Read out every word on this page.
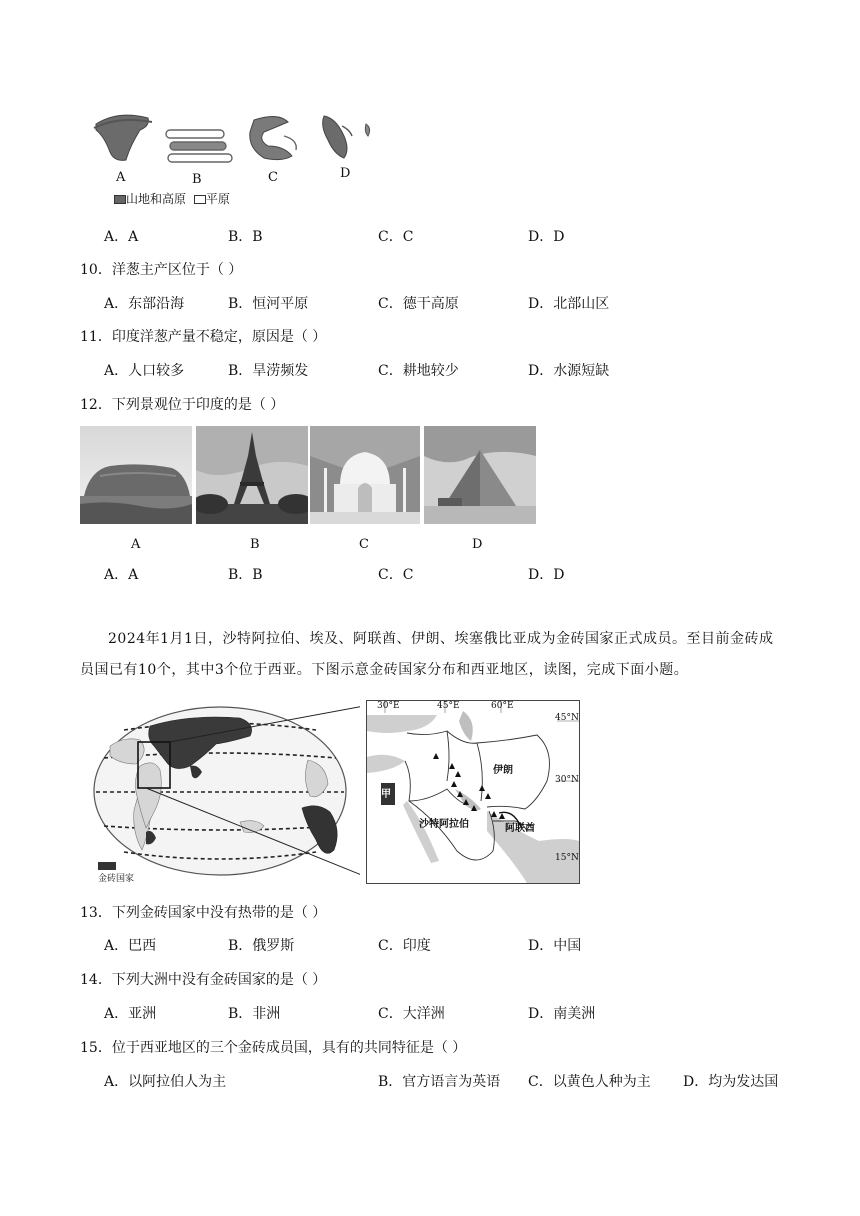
A	B	C	D
山地和高原 平原
A．A	B．B	C．C	D．D
10．洋葱主产区位于（ ）
A．东部沿海	B．恒河平原	C．德干高原	D．北部山区
11．印度洋葱产量不稳定，原因是（ ）
A．人口较多	B．旱涝频发	C．耕地较少	D．水源短缺
12．下列景观位于印度的是（ ）
A	B	C	D
A．A	B．B	C．C	D．D
2024年1月1日，沙特阿拉伯、埃及、阿联酋、伊朗、埃塞俄比亚成为金砖国家正式成员。至目前金砖成员国已有10个，其中3个位于西亚。下图示意金砖国家分布和西亚地区，读图，完成下面小题。
金砖国家
30°E	45°E	60°E
45°N
30°N
15°N
甲
伊朗
沙特阿拉伯	阿联酋
13．下列金砖国家中没有热带的是（ ）
A．巴西	B．俄罗斯	C．印度	D．中国
14．下列大洲中没有金砖国家的是（ ）
A．亚洲	B．非洲	C．大洋洲	D．南美洲
15．位于西亚地区的三个金砖成员国，具有的共同特征是（ ）
A．以阿拉伯人为主	B．官方语言为英语 C．以黄色人种为主 D．均为发达国
